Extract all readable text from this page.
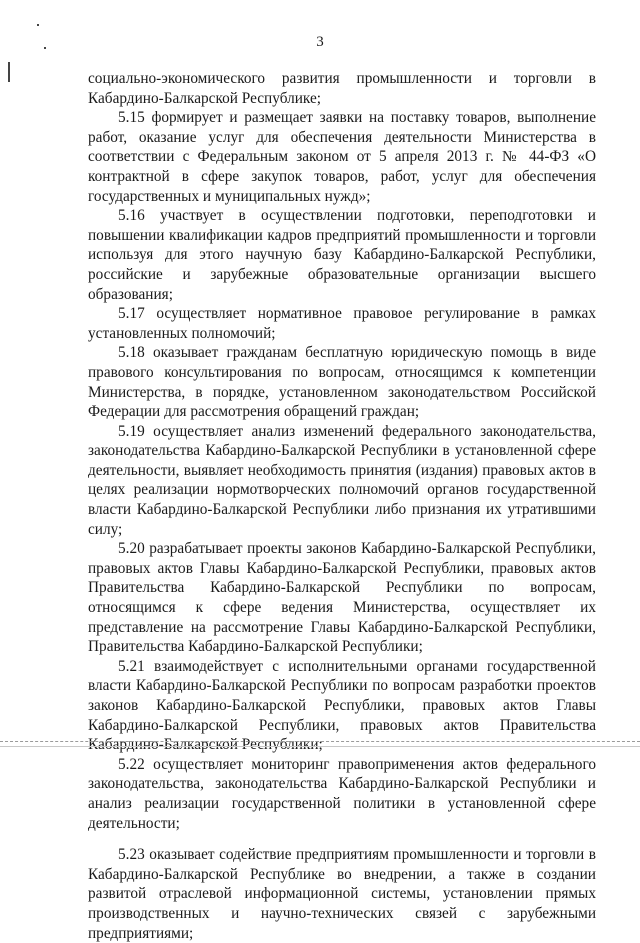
3

социально-экономического развития промышленности и торговли в Кабардино-Балкарской Республике;

5.15 формирует и размещает заявки на поставку товаров, выполнение работ, оказание услуг для обеспечения деятельности Министерства в соответствии с Федеральным законом от 5 апреля 2013 г. № 44-ФЗ «О контрактной в сфере закупок товаров, работ, услуг для обеспечения государственных и муниципальных нужд»;

5.16 участвует в осуществлении подготовки, переподготовки и повышении квалификации кадров предприятий промышленности и торговли используя для этого научную базу Кабардино-Балкарской Республики, российские и зарубежные образовательные организации высшего образования;

5.17 осуществляет нормативное правовое регулирование в рамках установленных полномочий;

5.18 оказывает гражданам бесплатную юридическую помощь в виде правового консультирования по вопросам, относящимся к компетенции Министерства, в порядке, установленном законодательством Российской Федерации для рассмотрения обращений граждан;

5.19 осуществляет анализ изменений федерального законодательства, законодательства Кабардино-Балкарской Республики в установленной сфере деятельности, выявляет необходимость принятия (издания) правовых актов в целях реализации нормотворческих полномочий органов государственной власти Кабардино-Балкарской Республики либо признания их утратившими силу;

5.20 разрабатывает проекты законов Кабардино-Балкарской Республики, правовых актов Главы Кабардино-Балкарской Республики, правовых актов Правительства Кабардино-Балкарской Республики по вопросам, относящимся к сфере ведения Министерства, осуществляет их представление на рассмотрение Главы Кабардино-Балкарской Республики, Правительства Кабардино-Балкарской Республики;

5.21 взаимодействует с исполнительными органами государственной власти Кабардино-Балкарской Республики по вопросам разработки проектов законов Кабардино-Балкарской Республики, правовых актов Главы Кабардино-Балкарской Республики, правовых актов Правительства Кабардино-Балкарской Республики;

5.22 осуществляет мониторинг правоприменения актов федерального законодательства, законодательства Кабардино-Балкарской Республики и анализ реализации государственной политики в установленной сфере деятельности;

5.23 оказывает содействие предприятиям промышленности и торговли в Кабардино-Балкарской Республике во внедрении, а также в создании развитой отраслевой информационной системы, установлении прямых производственных и научно-технических связей с зарубежными предприятиями;
